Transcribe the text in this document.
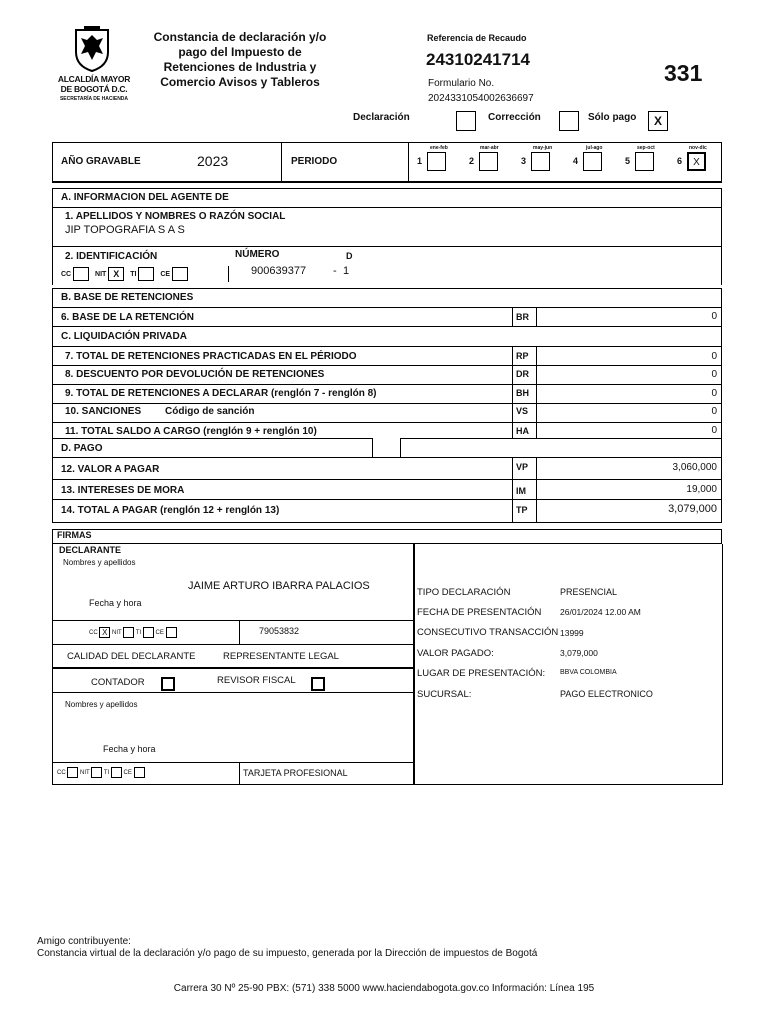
ALCALDÍA MAYOR
DE BOGOTÁ D.C.
SECRETARÍA DE HACIENDA
Constancia de declaración y/o
pago del Impuesto de
Retenciones de Industria y
Comercio Avisos y Tableros
Referencia de Recaudo
24310241714
Formulario No.
2024331054002636697
331
Declaración	Corrección	Sólo pago	X
AÑO GRAVABLE	2023	PERIODO
ene-feb
1
mar-abr
2
may-jun
3
jul-ago
4
sep-oct
5
nov-dic
6	X
A. INFORMACION DEL AGENTE DE
1. APELLIDOS Y NOMBRES O RAZÓN SOCIAL
JIP TOPOGRAFIA S A S
2. IDENTIFICACIÓN	NÚMERO	D
CC	NIT X TI	CE	900639377 - 1
B. BASE DE RETENCIONES
6. BASE DE LA RETENCIÓN	BR	0
C. LIQUIDACIÓN PRIVADA
7. TOTAL DE RETENCIONES PRACTICADAS EN EL PÉRIODO	RP	0
8. DESCUENTO POR DEVOLUCIÓN DE RETENCIONES	DR	0
9. TOTAL DE RETENCIONES A DECLARAR (renglón 7 - renglón 8)	BH	0
10. SANCIONES Código de sanción	VS	0
11. TOTAL SALDO A CARGO (renglón 9 + renglón 10)	HA	0
D. PAGO
12. VALOR A PAGAR	VP	3,060,000
13. INTERESES DE MORA	IM	19,000
14. TOTAL A PAGAR (renglón 12 + renglón 13)	TP	3,079,000
FIRMAS
DECLARANTE
Nombres y apellidos
JAIME ARTURO IBARRA PALACIOS
Fecha y hora
CC X NIT TI CE	79053832
CALIDAD DEL DECLARANTE	REPRESENTANTE LEGAL
CONTADOR	REVISOR FISCAL
Nombres y apellidos
Fecha y hora
CC NIT TI CE	TARJETA PROFESIONAL
TIPO DECLARACIÓN	PRESENCIAL
FECHA DE PRESENTACIÓN 26/01/2024 12.00 AM
CONSECUTIVO TRANSACCIÓN 13999
VALOR PAGADO:	3,079,000
LUGAR DE PRESENTACIÓN: BBVA COLOMBIA
SUCURSAL:	PAGO ELECTRONICO
Amigo contribuyente:
Constancia virtual de la declaración y/o pago de su impuesto, generada por la Dirección de impuestos de Bogotá
Carrera 30 Nº 25-90 PBX: (571) 338 5000 www.haciendabogota.gov.co Información: Línea 195
